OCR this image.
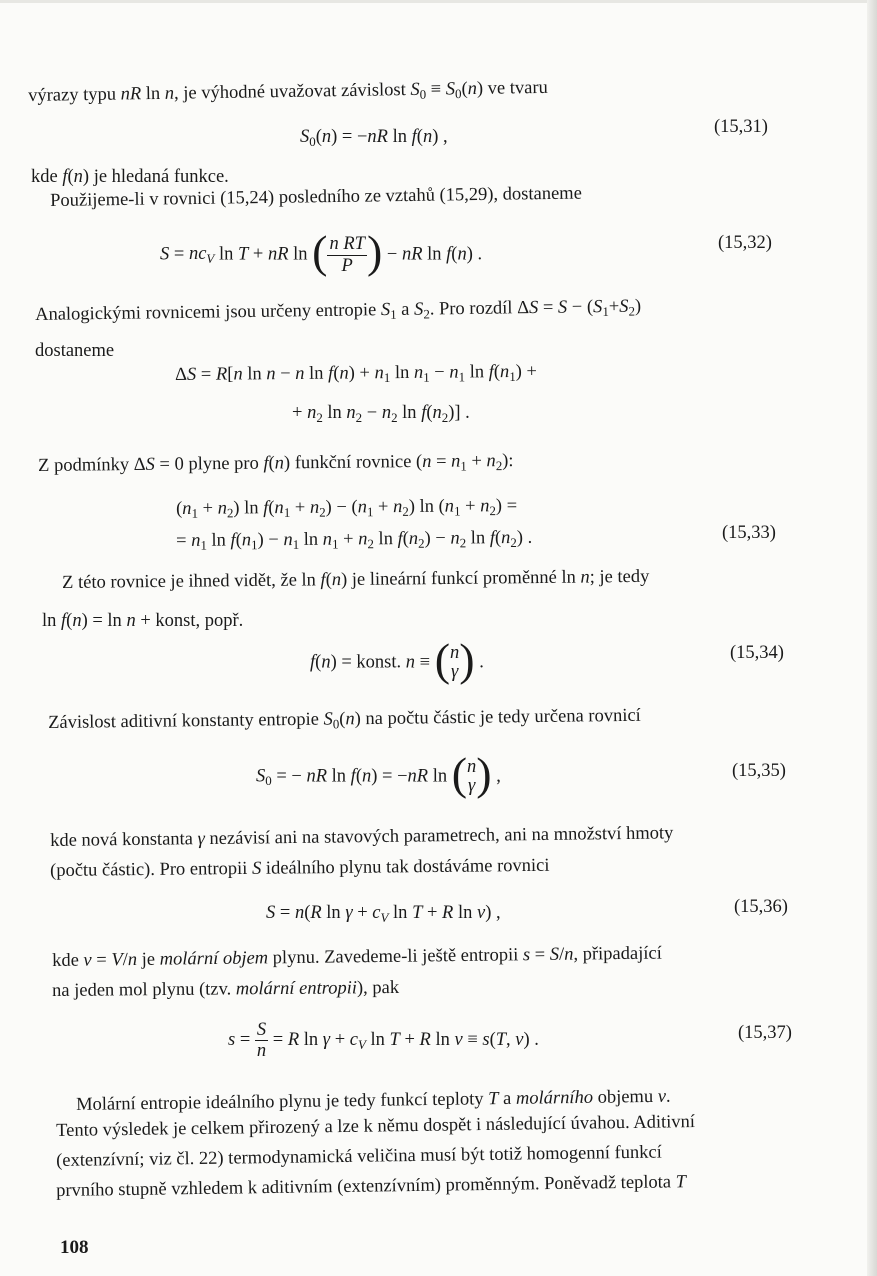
výrazy typu nR ln n, je výhodné uvažovat závislost $S_0 \equiv S_0(n)$ ve tvaru
$S_0(n) = -nR$ ln f(n) ,	(15,31)
kde f(n) je hledaná funkce.
Použijeme-li v rovnici (15,24) posledního ze vztahů (15,29), dostaneme
$S = nc_V$ ln T + nR ln ( $\frac{\text{n RT}}{P}$ ) − nR ln f(n) .
(15,32)
Analogickými rovnicemi jsou určeny entropie $S_1$ a $S_2$. Pro rozdíl $\Delta S = S - (S_1+S_2)$
dostaneme
ΔS = R[n ln n − n $\ln f(n) + n_1$ $\ln n_1 - n_1$ $\ln f(n_1)$ +
+ $n_2$ $\ln n_2 - n_2$ $\ln f(n_2)$] .
Z podmínky ΔS = 0 plyne pro f(n) funkční rovnice $(n = n_1 + n_2)$:
$(n_1 + n_2)$ $\ln f(n_1 + n_2) - (n_1 + n_2)$ $\ln (n_1 + n_2)$ =
= $n_1$ $\ln f(n_1) - n_1$ $\ln n_1 + n_2$ $\ln f(n_2) - n_2$ $\ln f(n_2)$ .	(15,33)
Z této rovnice je ihned vidět, že ln f(n) je lineární funkcí proměnné ln n; je tedy
ln f(n) = ln n + konst, popř.
f(n) = konst. n ≡ ( n
γ ) .	(15,34)
Závislost aditivní konstanty entropie $S_0(n)$ na počtu částic je tedy určena rovnicí
$S_0$ = − nR ln f(n) = −nR ln ( n
γ ) ,	(15,35)
kde nová konstanta γ nezávisí ani na stavových parametrech, ani na množství hmoty
(počtu částic). Pro entropii S ideálního plynu tak dostáváme rovnici
S = n(R $\ln \gamma + c_V$ ln T + R ln v) ,	(15,36)
kde v = V/n je molární objem plynu. Zavedeme-li ještě entropii s = S/n, připadající
na jeden mol plynu (tzv. molární entropii), pak
$s = \frac{S}{n} = R$ $\ln \gamma + c_V$ ln T + R ln v ≡ s(T, v) .	(15,37)
Molární entropie ideálního plynu je tedy funkcí teploty T a molárního objemu v.
Tento výsledek je celkem přirozený a lze k němu dospět i následující úvahou. Aditivní
(extenzívní; viz čl. 22) termodynamická veličina musí být totiž homogenní funkcí
prvního stupně vzhledem k aditivním (extenzívním) proměnným. Poněvadž teplota T
108
